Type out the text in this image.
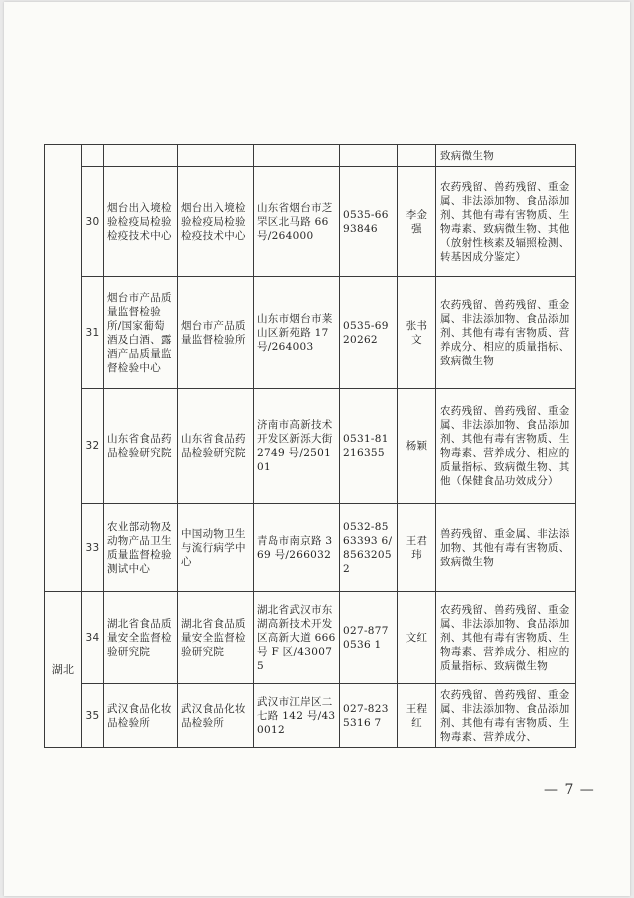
							致病微生物
	30	烟台出入境检验检疫局检验检疫技术中心	烟台出入境检验检疫局检验检疫技术中心	山东省烟台市芝罘区北马路 66 号/264000	0535-6693846	李金强	农药残留、兽药残留、重金属、非法添加物、食品添加剂、其他有毒有害物质、生物毒素、致病微生物、其他（放射性核素及辐照检测、转基因成分鉴定）
	31	烟台市产品质量监督检验所/国家葡萄酒及白酒、露酒产品质量监督检验中心	烟台市产品质量监督检验所	山东市烟台市莱山区新苑路 17 号/264003	0535-6920262	张书文	农药残留、兽药残留、重金属、非法添加物、食品添加剂、其他有毒有害物质、营养成分、相应的质量指标、致病微生物
	32	山东省食品药品检验研究院	山东省食品药品检验研究院	济南市高新技术开发区新泺大街 2749 号/250101	0531-81216355	杨颖	农药残留、兽药残留、重金属、非法添加物、食品添加剂、其他有毒有害物质、生物毒素、营养成分、相应的质量指标、致病微生物、其他（保健食品功效成分）
	33	农业部动物及动物产品卫生质量监督检验测试中心	中国动物卫生与流行病学中心	青岛市南京路 369 号/266032	0532-8563393 6/85632052	王君玮	兽药残留、重金属、非法添加物、其他有毒有害物质、致病微生物
湖北	34	湖北省食品质量安全监督检验研究院	湖北省食品质量安全监督检验研究院	湖北省武汉市东湖高新技术开发区高新大道 666 号 F 区/430075	027-8770536 1	文红	农药残留、兽药残留、重金属、非法添加物、食品添加剂、其他有毒有害物质、生物毒素、营养成分、相应的质量指标、致病微生物
	35	武汉食品化妆品检验所	武汉食品化妆品检验所	武汉市江岸区二七路 142 号/430012	027-8235316 7	王程红	农药残留、兽药残留、重金属、非法添加物、食品添加剂、其他有毒有害物质、生物毒素、营养成分、
— 7 —
